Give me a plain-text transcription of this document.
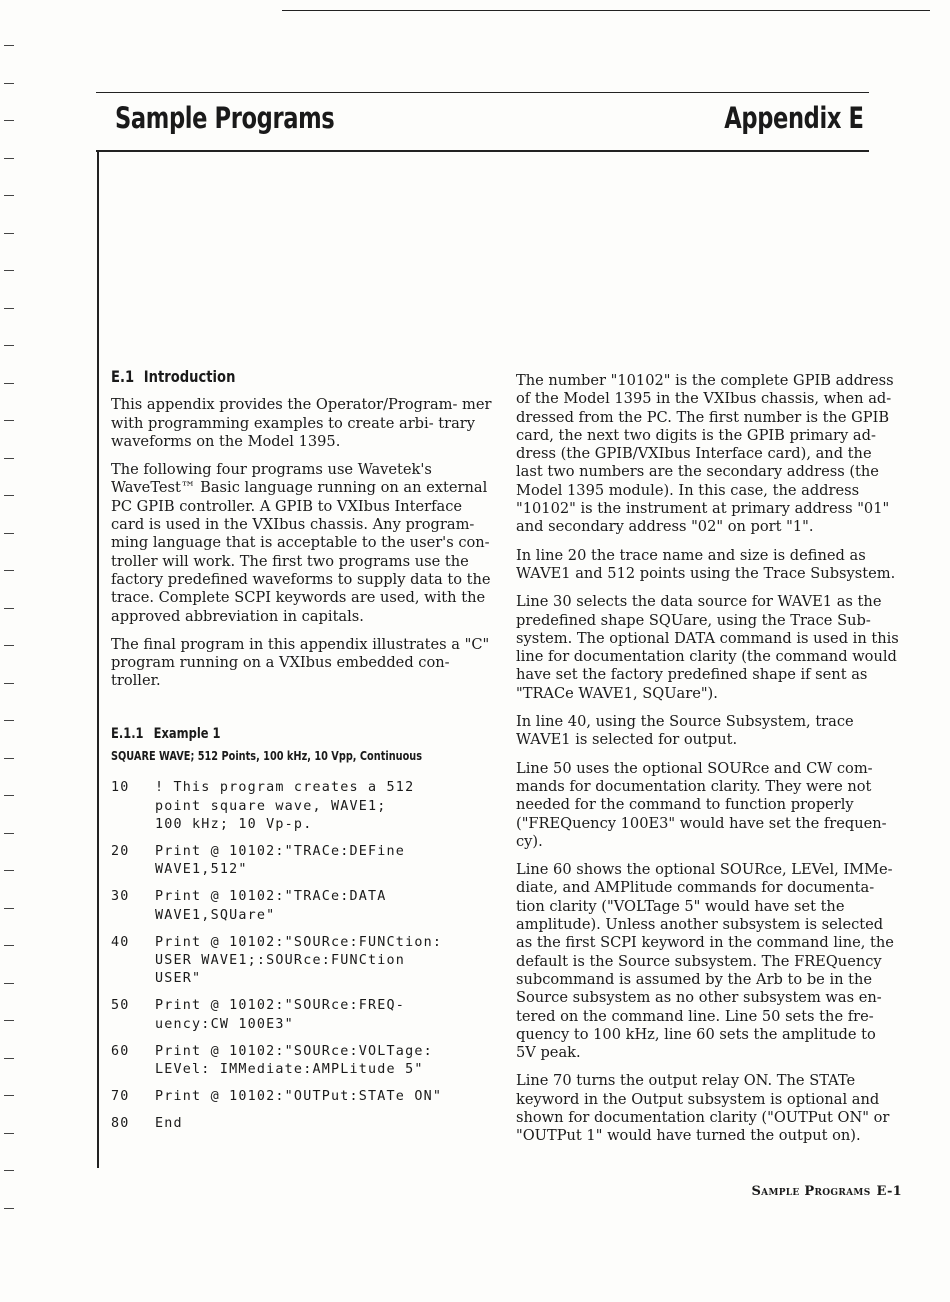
Sample Programs	Appendix E
E.1 Introduction

This appendix provides the Operator/Program- mer with programming examples to create arbi- trary waveforms on the Model 1395.

The following four programs use Wavetek's WaveTest™ Basic language running on an external PC GPIB controller. A GPIB to VXIbus Interface card is used in the VXIbus chassis. Any program- ming language that is acceptable to the user's con- troller will work. The first two programs use the factory predefined waveforms to supply data to the trace. Complete SCPI keywords are used, with the approved abbreviation in capitals.

The final program in this appendix illustrates a "C" program running on a VXIbus embedded con- troller.

E.1.1 Example 1
SQUARE WAVE; 512 Points, 100 kHz, 10 Vpp, Continuous
10	! This program creates a 512
point square wave, WAVE1;
100 kHz; 10 Vp-p.
20	Print @ 10102:"TRACe:DEFine
WAVE1,512"
30	Print @ 10102:"TRACe:DATA
WAVE1,SQUare"
40	Print @ 10102:"SOURce:FUNCtion:
USER WAVE1;:SOURce:FUNCtion
USER"
50	Print @ 10102:"SOURce:FREQ-
uency:CW 100E3"
60	Print @ 10102:"SOURce:VOLTage:
LEVel: IMMediate:AMPLitude 5"
70	Print @ 10102:"OUTPut:STATe ON"
80	End

The number "10102" is the complete GPIB address of the Model 1395 in the VXIbus chassis, when ad- dressed from the PC. The first number is the GPIB card, the next two digits is the GPIB primary ad- dress (the GPIB/VXIbus Interface card), and the last two numbers are the secondary address (the Model 1395 module). In this case, the address "10102" is the instrument at primary address "01" and secondary address "02" on port "1".

In line 20 the trace name and size is defined as WAVE1 and 512 points using the Trace Subsystem.

Line 30 selects the data source for WAVE1 as the predefined shape SQUare, using the Trace Sub- system. The optional DATA command is used in this line for documentation clarity (the command would have set the factory predefined shape if sent as "TRACe WAVE1, SQUare").

In line 40, using the Source Subsystem, trace WAVE1 is selected for output.

Line 50 uses the optional SOURce and CW com- mands for documentation clarity. They were not needed for the command to function properly ("FREQuency 100E3" would have set the frequen- cy).

Line 60 shows the optional SOURce, LEVel, IMMe- diate, and AMPlitude commands for documenta- tion clarity ("VOLTage 5" would have set the amplitude). Unless another subsystem is selected as the first SCPI keyword in the command line, the default is the Source subsystem. The FREQuency subcommand is assumed by the Arb to be in the Source subsystem as no other subsystem was en- tered on the command line. Line 50 sets the fre- quency to 100 kHz, line 60 sets the amplitude to 5V peak.

Line 70 turns the output relay ON. The STATe keyword in the Output subsystem is optional and shown for documentation clarity ("OUTPut ON" or "OUTPut 1" would have turned the output on).

Sample Programs E-1
